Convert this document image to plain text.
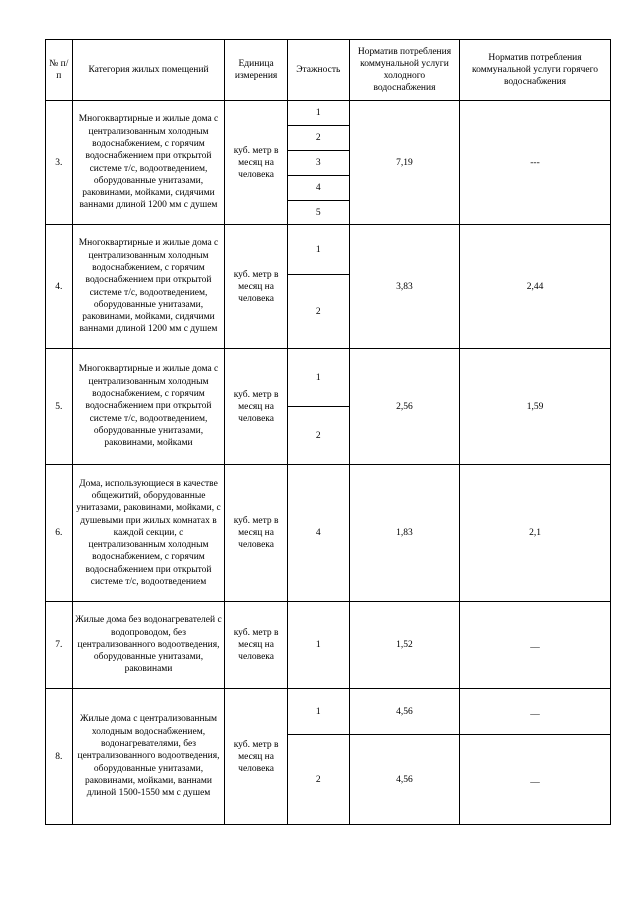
№ п/п	Категория жилых помещений	Единица измерения	Этажность	Норматив потребления коммунальной услуги холодного водоснабжения	Норматив потребления коммунальной услуги горячего водоснабжения
3.	Многоквартирные и жилые дома с централизованным холодным водоснабжением, с горячим водоснабжением при открытой системе т/с, водоотведением, оборудованные унитазами, раковинами, мойками, сидячими ваннами длиной 1200 мм с душем	куб. метр в месяц на человека	1	7,19	---
			2		
			3		
			4		
			5		
4.	Многоквартирные и жилые дома с централизованным холодным водоснабжением, с горячим водоснабжением при открытой системе т/с, водоотведением, оборудованные унитазами, раковинами, мойками, сидячими ваннами длиной 1200 мм с душем	куб. метр в месяц на человека	1	3,83	2,44
			2		
5.	Многоквартирные и жилые дома с централизованным холодным водоснабжением, с горячим водоснабжением при открытой системе т/с, водоотведением, оборудованные унитазами, раковинами, мойками	куб. метр в месяц на человека	1	2,56	1,59
			2		
6.	Дома, использующиеся в качестве общежитий, оборудованные унитазами, раковинами, мойками, с душевыми при жилых комнатах в каждой секции, с централизованным холодным водоснабжением, с горячим водоснабжением при открытой системе т/с, водоотведением	куб. метр в месяц на человека	4	1,83	2,1
7.	Жилые дома без водонагревателей с водопроводом, без централизованного водоотведения, оборудованные унитазами, раковинами	куб. метр в месяц на человека	1	1,52	__
8.	Жилые дома с централизованным холодным водоснабжением, водонагревателями, без централизованного водоотведения, оборудованные унитазами, раковинами, мойками, ваннами длиной 1500-1550 мм с душем	куб. метр в месяц на человека	1	4,56	__
			2	4,56	__
